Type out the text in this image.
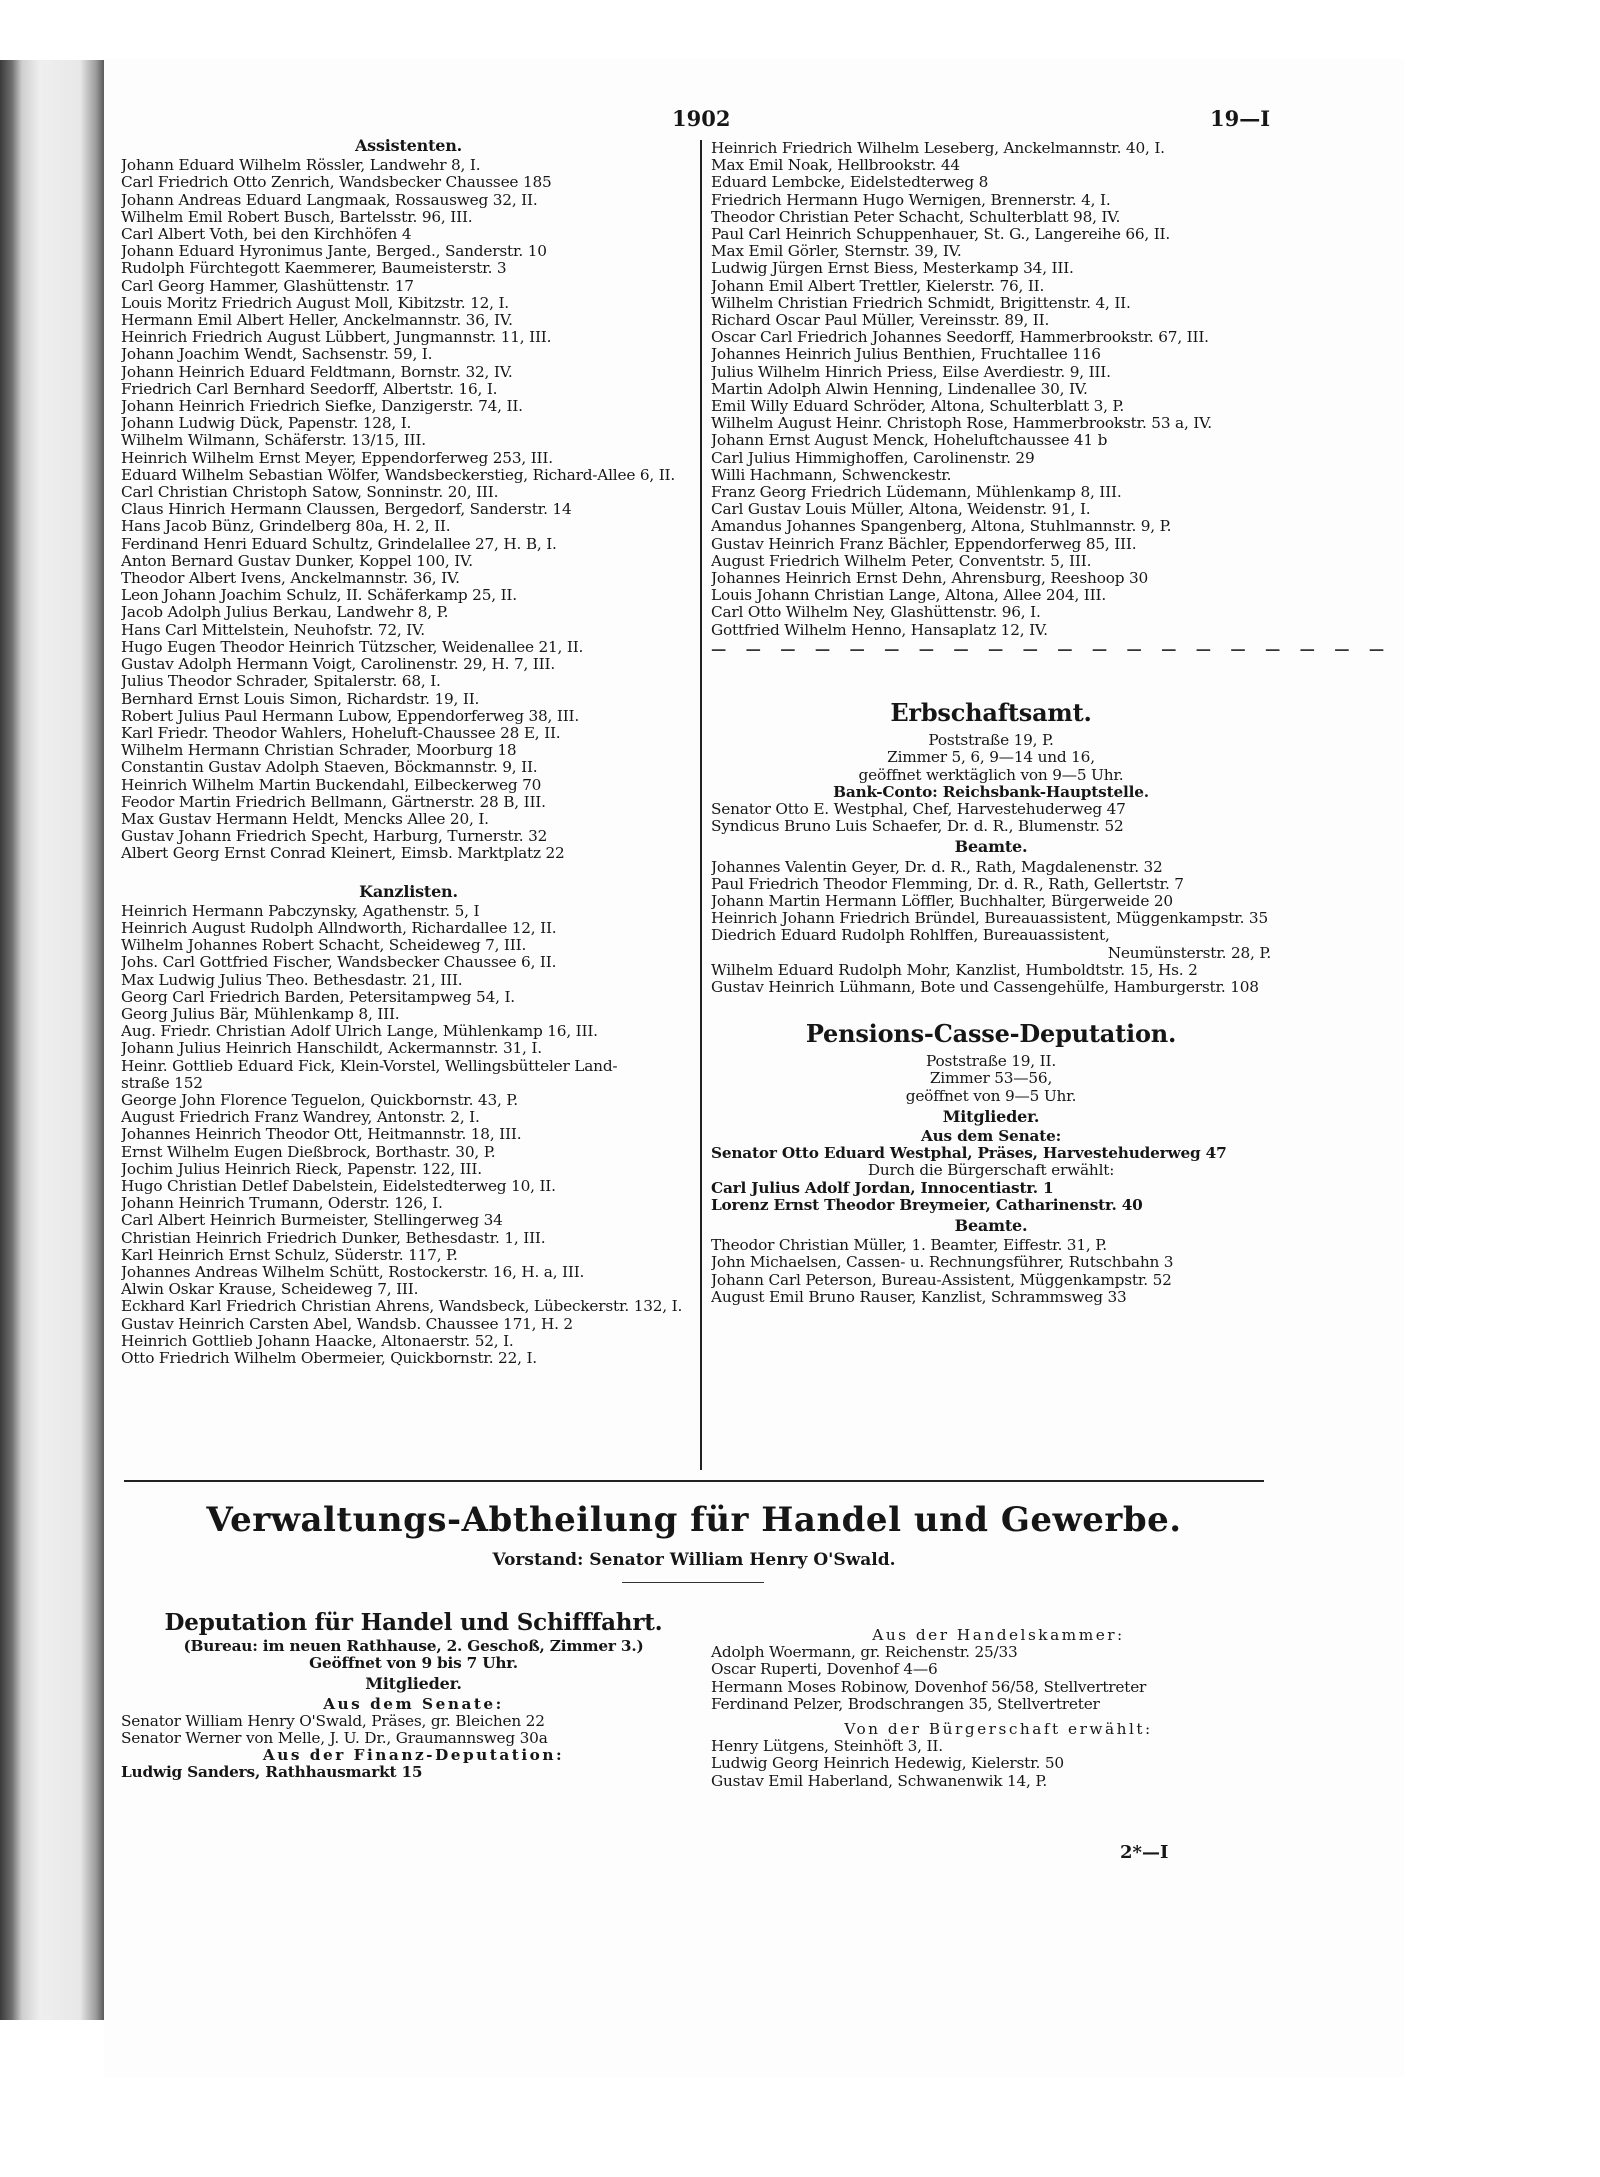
1902	19—I
Assistenten.
Johann Eduard Wilhelm Rössler, Landwehr 8, I.
Carl Friedrich Otto Zenrich, Wandsbecker Chaussee 185
Johann Andreas Eduard Langmaak, Rossausweg 32, II.
Wilhelm Emil Robert Busch, Bartelsstr. 96, III.
Carl Albert Voth, bei den Kirchhöfen 4
Johann Eduard Hyronimus Jante, Berged., Sanderstr. 10
Rudolph Fürchtegott Kaemmerer, Baumeisterstr. 3
Carl Georg Hammer, Glashüttenstr. 17
Louis Moritz Friedrich August Moll, Kibitzstr. 12, I.
Hermann Emil Albert Heller, Anckelmannstr. 36, IV.
Heinrich Friedrich August Lübbert, Jungmannstr. 11, III.
Johann Joachim Wendt, Sachsenstr. 59, I.
Johann Heinrich Eduard Feldtmann, Bornstr. 32, IV.
Friedrich Carl Bernhard Seedorff, Albertstr. 16, I.
Johann Heinrich Friedrich Siefke, Danzigerstr. 74, II.
Johann Ludwig Dück, Papenstr. 128, I.
Wilhelm Wilmann, Schäferstr. 13/15, III.
Heinrich Wilhelm Ernst Meyer, Eppendorferweg 253, III.
Eduard Wilhelm Sebastian Wölfer, Wandsbeckerstieg, Richard-Allee 6, II.
Carl Christian Christoph Satow, Sonninstr. 20, III.
Claus Hinrich Hermann Claussen, Bergedorf, Sanderstr. 14
Hans Jacob Bünz, Grindelberg 80a, H. 2, II.
Ferdinand Henri Eduard Schultz, Grindelallee 27, H. B, I.
Anton Bernard Gustav Dunker, Koppel 100, IV.
Theodor Albert Ivens, Anckelmannstr. 36, IV.
Leon Johann Joachim Schulz, II. Schäferkamp 25, II.
Jacob Adolph Julius Berkau, Landwehr 8, P.
Hans Carl Mittelstein, Neuhofstr. 72, IV.
Hugo Eugen Theodor Heinrich Tützscher, Weidenallee 21, II.
Gustav Adolph Hermann Voigt, Carolinenstr. 29, H. 7, III.
Julius Theodor Schrader, Spitalerstr. 68, I.
Bernhard Ernst Louis Simon, Richardstr. 19, II.
Robert Julius Paul Hermann Lubow, Eppendorferweg 38, III.
Karl Friedr. Theodor Wahlers, Hoheluft-Chaussee 28 E, II.
Wilhelm Hermann Christian Schrader, Moorburg 18
Constantin Gustav Adolph Staeven, Böckmannstr. 9, II.
Heinrich Wilhelm Martin Buckendahl, Eilbeckerweg 70
Feodor Martin Friedrich Bellmann, Gärtnerstr. 28 B, III.
Max Gustav Hermann Heldt, Mencks Allee 20, I.
Gustav Johann Friedrich Specht, Harburg, Turnerstr. 32
Albert Georg Ernst Conrad Kleinert, Eimsb. Marktplatz 22
Kanzlisten.
Heinrich Hermann Pabczynsky, Agathenstr. 5, I
Heinrich August Rudolph Allndworth, Richardallee 12, II.
Wilhelm Johannes Robert Schacht, Scheideweg 7, III.
Johs. Carl Gottfried Fischer, Wandsbecker Chaussee 6, II.
Max Ludwig Julius Theo. Bethesdastr. 21, III.
Georg Carl Friedrich Barden, Petersitampweg 54, I.
Georg Julius Bär, Mühlenkamp 8, III.
Aug. Friedr. Christian Adolf Ulrich Lange, Mühlenkamp 16, III.
Johann Julius Heinrich Hanschildt, Ackermannstr. 31, I.
Heinr. Gottlieb Eduard Fick, Klein-Vorstel, Wellingsbütteler Land-
straße 152
George John Florence Teguelon, Quickbornstr. 43, P.
August Friedrich Franz Wandrey, Antonstr. 2, I.
Johannes Heinrich Theodor Ott, Heitmannstr. 18, III.
Ernst Wilhelm Eugen Dießbrock, Borthastr. 30, P.
Jochim Julius Heinrich Rieck, Papenstr. 122, III.
Hugo Christian Detlef Dabelstein, Eidelstedterweg 10, II.
Johann Heinrich Trumann, Oderstr. 126, I.
Carl Albert Heinrich Burmeister, Stellingerweg 34
Christian Heinrich Friedrich Dunker, Bethesdastr. 1, III.
Karl Heinrich Ernst Schulz, Süderstr. 117, P.
Johannes Andreas Wilhelm Schütt, Rostockerstr. 16, H. a, III.
Alwin Oskar Krause, Scheideweg 7, III.
Eckhard Karl Friedrich Christian Ahrens, Wandsbeck, Lübeckerstr. 132, I.
Gustav Heinrich Carsten Abel, Wandsb. Chaussee 171, H. 2
Heinrich Gottlieb Johann Haacke, Altonaerstr. 52, I.
Otto Friedrich Wilhelm Obermeier, Quickbornstr. 22, I.
Heinrich Friedrich Wilhelm Leseberg, Anckelmannstr. 40, I.
Max Emil Noak, Hellbrookstr. 44
Eduard Lembcke, Eidelstedterweg 8
Friedrich Hermann Hugo Wernigen, Brennerstr. 4, I.
Theodor Christian Peter Schacht, Schulterblatt 98, IV.
Paul Carl Heinrich Schuppenhauer, St. G., Langereihe 66, II.
Max Emil Görler, Sternstr. 39, IV.
Ludwig Jürgen Ernst Biess, Mesterkamp 34, III.
Johann Emil Albert Trettler, Kielerstr. 76, II.
Wilhelm Christian Friedrich Schmidt, Brigittenstr. 4, II.
Richard Oscar Paul Müller, Vereinsstr. 89, II.
Oscar Carl Friedrich Johannes Seedorff, Hammerbrookstr. 67, III.
Johannes Heinrich Julius Benthien, Fruchtallee 116
Julius Wilhelm Hinrich Priess, Eilse Averdiestr. 9, III.
Martin Adolph Alwin Henning, Lindenallee 30, IV.
Emil Willy Eduard Schröder, Altona, Schulterblatt 3, P.
Wilhelm August Heinr. Christoph Rose, Hammerbrookstr. 53 a, IV.
Johann Ernst August Menck, Hoheluftchaussee 41 b
Carl Julius Himmighoffen, Carolinenstr. 29
Willi Hachmann, Schwenckestr.
Franz Georg Friedrich Lüdemann, Mühlenkamp 8, III.
Carl Gustav Louis Müller, Altona, Weidenstr. 91, I.
Amandus Johannes Spangenberg, Altona, Stuhlmannstr. 9, P.
Gustav Heinrich Franz Bächler, Eppendorferweg 85, III.
August Friedrich Wilhelm Peter, Conventstr. 5, III.
Johannes Heinrich Ernst Dehn, Ahrensburg, Reeshoop 30
Louis Johann Christian Lange, Altona, Allee 204, III.
Carl Otto Wilhelm Ney, Glashüttenstr. 96, I.
Gottfried Wilhelm Henno, Hansaplatz 12, IV.
— — — — — — — — — — — — — — — — — — — —
Erbschaftsamt.
Poststraße 19, P.
Zimmer 5, 6, 9—14 und 16,
geöffnet werktäglich von 9—5 Uhr.
Bank-Conto: Reichsbank-Hauptstelle.
Senator Otto E. Westphal, Chef, Harvestehuderweg 47
Syndicus Bruno Luis Schaefer, Dr. d. R., Blumenstr. 52
Beamte.
Johannes Valentin Geyer, Dr. d. R., Rath, Magdalenenstr. 32
Paul Friedrich Theodor Flemming, Dr. d. R., Rath, Gellertstr. 7
Johann Martin Hermann Löffler, Buchhalter, Bürgerweide 20
Heinrich Johann Friedrich Bründel, Bureauassistent, Müggenkampstr. 35
Diedrich Eduard Rudolph Rohlffen, Bureauassistent,
Neumünsterstr. 28, P.
Wilhelm Eduard Rudolph Mohr, Kanzlist, Humboldtstr. 15, Hs. 2
Gustav Heinrich Lühmann, Bote und Cassengehülfe, Hamburgerstr. 108
Pensions-Casse-Deputation.
Poststraße 19, II.
Zimmer 53—56,
geöffnet von 9—5 Uhr.
Mitglieder.
Aus dem Senate:
Senator Otto Eduard Westphal, Präses, Harvestehuderweg 47
Durch die Bürgerschaft erwählt:
Carl Julius Adolf Jordan, Innocentiastr. 1
Lorenz Ernst Theodor Breymeier, Catharinenstr. 40
Beamte.
Theodor Christian Müller, 1. Beamter, Eiffestr. 31, P.
John Michaelsen, Cassen- u. Rechnungsführer, Rutschbahn 3
Johann Carl Peterson, Bureau-Assistent, Müggenkampstr. 52
August Emil Bruno Rauser, Kanzlist, Schrammsweg 33
Verwaltungs-Abtheilung für Handel und Gewerbe.
Vorstand: Senator William Henry O'Swald.
Deputation für Handel und Schifffahrt.
(Bureau: im neuen Rathhause, 2. Geschoß, Zimmer 3.)
Geöffnet von 9 bis 7 Uhr.
Mitglieder.
Aus dem Senate:
Senator William Henry O'Swald, Präses, gr. Bleichen 22
Senator Werner von Melle, J. U. Dr., Graumannsweg 30a
Aus der Finanz-Deputation:
Ludwig Sanders, Rathhausmarkt 15
Aus der Handelskammer:
Adolph Woermann, gr. Reichenstr. 25/33
Oscar Ruperti, Dovenhof 4—6
Hermann Moses Robinow, Dovenhof 56/58, Stellvertreter
Ferdinand Pelzer, Brodschrangen 35, Stellvertreter
Von der Bürgerschaft erwählt:
Henry Lütgens, Steinhöft 3, II.
Ludwig Georg Heinrich Hedewig, Kielerstr. 50
Gustav Emil Haberland, Schwanenwik 14, P.
2*—I
